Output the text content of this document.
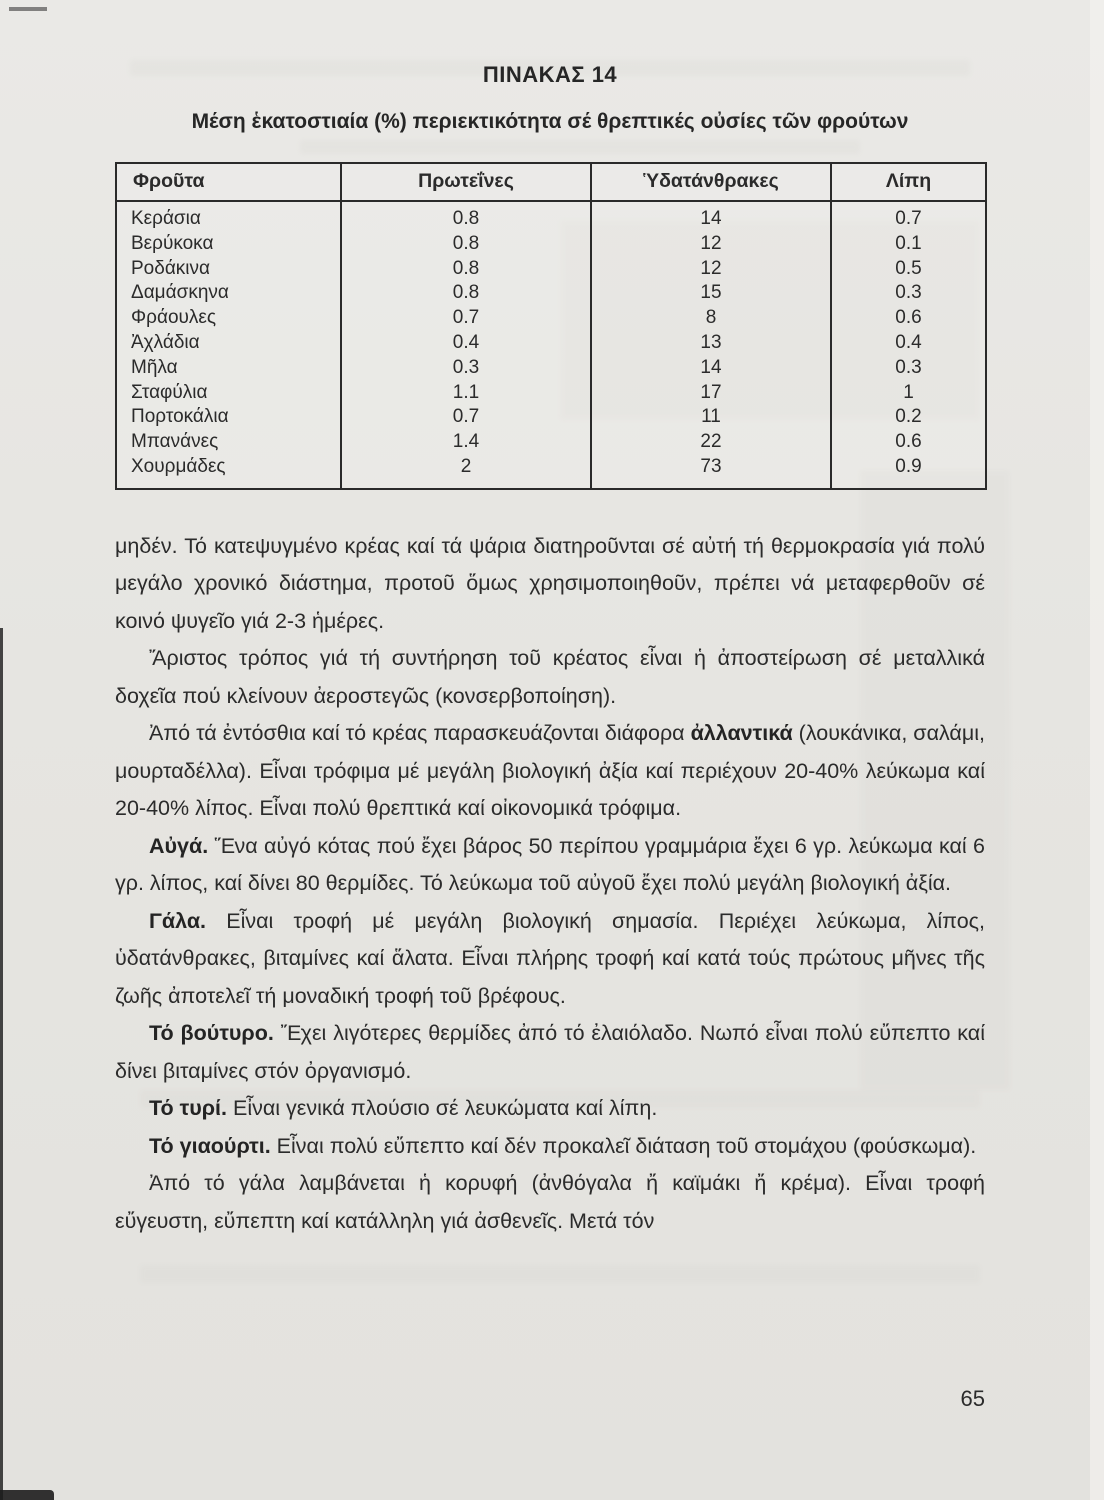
ΠΙΝΑΚΑΣ 14
Μέση ἑκατοστιαία (%) περιεκτικότητα σέ θρεπτικές οὐσίες τῶν φρούτων
Φροῦτα	Πρωτεΐνες	Ὑδατάνθρακες	Λίπη
Κεράσια	0.8	14	0.7
Βερύκοκα	0.8	12	0.1
Ροδάκινα	0.8	12	0.5
Δαμάσκηνα	0.8	15	0.3
Φράουλες	0.7	8	0.6
Ἀχλάδια	0.4	13	0.4
Μῆλα	0.3	14	0.3
Σταφύλια	1.1	17	1
Πορτοκάλια	0.7	11	0.2
Μπανάνες	1.4	22	0.6
Χουρμάδες	2	73	0.9

μηδέν. Τό κατεψυγμένο κρέας καί τά ψάρια διατηροῦνται σέ αὐτή τή θερμοκρασία γιά πολύ μεγάλο χρονικό διάστημα, προτοῦ ὅμως χρησιμοποιηθοῦν, πρέπει νά μεταφερθοῦν σέ κοινό ψυγεῖο γιά 2-3 ἡμέρες.

Ἄριστος τρόπος γιά τή συντήρηση τοῦ κρέατος εἶναι ἡ ἀποστείρωση σέ μεταλλικά δοχεῖα πού κλείνουν ἀεροστεγῶς (κονσερβοποίηση).

Ἀπό τά ἐντόσθια καί τό κρέας παρασκευάζονται διάφορα ἀλλαντικά (λουκάνικα, σαλάμι, μουρταδέλλα). Εἶναι τρόφιμα μέ μεγάλη βιολογική ἀξία καί περιέχουν 20-40% λεύκωμα καί 20-40% λίπος. Εἶναι πολύ θρεπτικά καί οἰκονομικά τρόφιμα.

Αὐγά. Ἕνα αὐγό κότας πού ἔχει βάρος 50 περίπου γραμμάρια ἔχει 6 γρ. λεύκωμα καί 6 γρ. λίπος, καί δίνει 80 θερμίδες. Τό λεύκωμα τοῦ αὐγοῦ ἔχει πολύ μεγάλη βιολογική ἀξία.

Γάλα. Εἶναι τροφή μέ μεγάλη βιολογική σημασία. Περιέχει λεύκωμα, λίπος, ὑδατάνθρακες, βιταμίνες καί ἅλατα. Εἶναι πλήρης τροφή καί κατά τούς πρώτους μῆνες τῆς ζωῆς ἀποτελεῖ τή μοναδική τροφή τοῦ βρέφους.

Τό βούτυρο. Ἔχει λιγότερες θερμίδες ἀπό τό ἐλαιόλαδο. Νωπό εἶναι πολύ εὔπεπτο καί δίνει βιταμίνες στόν ὀργανισμό.

Τό τυρί. Εἶναι γενικά πλούσιο σέ λευκώματα καί λίπη.

Τό γιαούρτι. Εἶναι πολύ εὔπεπτο καί δέν προκαλεῖ διάταση τοῦ στομάχου (φούσκωμα).

Ἀπό τό γάλα λαμβάνεται ἡ κορυφή (ἀνθόγαλα ἤ καϊμάκι ἤ κρέμα). Εἶναι τροφή εὔγευστη, εὔπεπτη καί κατάλληλη γιά ἀσθενεῖς. Μετά τόν

65
